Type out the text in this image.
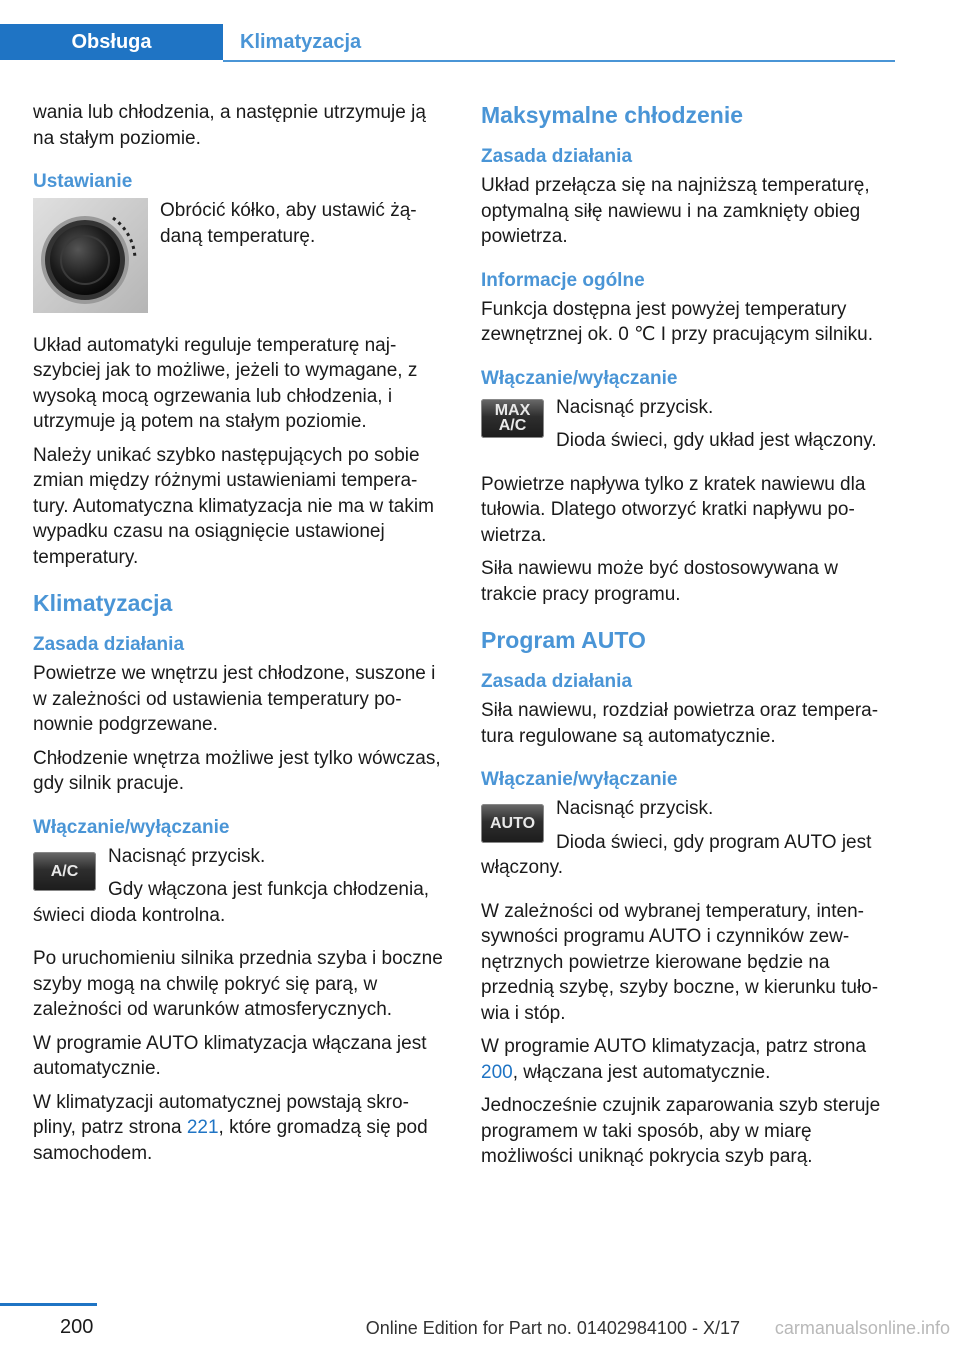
Obsługa	Klimatyzacja

wania lub chłodzenia, a następnie utrzymuje ją na stałym poziomie.

Ustawianie
Obrócić kółko, aby ustawić żądaną temperaturę.

Układ automatyki reguluje temperaturę najszybciej jak to możliwe, jeżeli to wymagane, z wysoką mocą ogrzewania lub chłodzenia, i utrzymuje ją potem na stałym poziomie.

Należy unikać szybko następujących po sobie zmian między różnymi ustawieniami temperatury. Automatyczna klimatyzacja nie ma w takim wypadku czasu na osiągnięcie ustawionej temperatury.

Klimatyzacja
Zasada działania

Powietrze we wnętrzu jest chłodzone, suszone i w zależności od ustawienia temperatury ponownie podgrzewane.

Chłodzenie wnętrza możliwe jest tylko wówczas, gdy silnik pracuje.

Włączanie/wyłączanie
A/C
Nacisnąć przycisk.
Gdy włączona jest funkcja chłodzenia, świeci dioda kontrolna.

Po uruchomieniu silnika przednia szyba i boczne szyby mogą na chwilę pokryć się parą, w zależności od warunków atmosferycznych.

W programie AUTO klimatyzacja włączana jest automatycznie.

W klimatyzacji automatycznej powstają skropliny, patrz strona 221, które gromadzą się pod samochodem.

Maksymalne chłodzenie
Zasada działania

Układ przełącza się na najniższą temperaturę, optymalną siłę nawiewu i na zamknięty obieg powietrza.

Informacje ogólne

Funkcja dostępna jest powyżej temperatury zewnętrznej ok. 0 ℃ I przy pracującym silniku.

Włączanie/wyłączanie
MAX
A/C
Nacisnąć przycisk.
Dioda świeci, gdy układ jest włączony.

Powietrze napływa tylko z kratek nawiewu dla tułowia. Dlatego otworzyć kratki napływu powietrza.

Siła nawiewu może być dostosowywana w trakcie pracy programu.

Program AUTO
Zasada działania

Siła nawiewu, rozdział powietrza oraz temperatura regulowane są automatycznie.

Włączanie/wyłączanie
AUTO
Nacisnąć przycisk.
Dioda świeci, gdy program AUTO jest włączony.

W zależności od wybranej temperatury, intensywności programu AUTO i czynników zewnętrznych powietrze kierowane będzie na przednią szybę, szyby boczne, w kierunku tułowia i stóp.

W programie AUTO klimatyzacja, patrz strona 200, włączana jest automatycznie.

Jednocześnie czujnik zaparowania szyb steruje programem w taki sposób, aby w miarę możliwości uniknąć pokrycia szyb parą.

200	Online Edition for Part no. 01402984100 - X/17 carmanualsonline.info
